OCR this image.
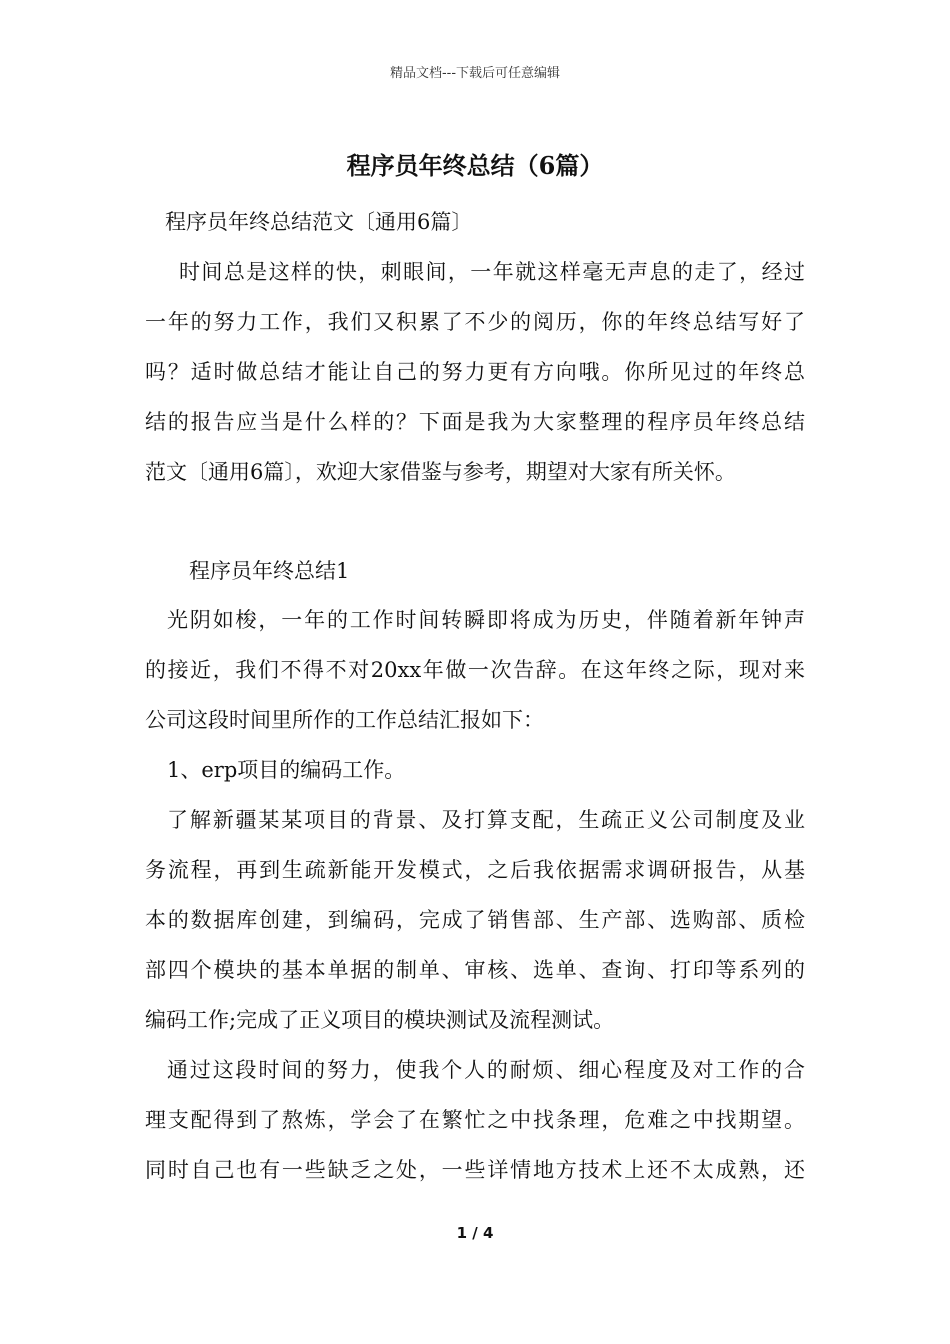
精品文档---下载后可任意编辑
程序员年终总结（6篇）
程序员年终总结范文〔通用6篇〕
时间总是这样的快，刺眼间，一年就这样毫无声息的走了，经过
一年的努力工作，我们又积累了不少的阅历，你的年终总结写好了
吗？适时做总结才能让自己的努力更有方向哦。你所见过的年终总
结的报告应当是什么样的？下面是我为大家整理的程序员年终总结
范文〔通用6篇〕，欢迎大家借鉴与参考，期望对大家有所关怀。
程序员年终总结1
光阴如梭，一年的工作时间转瞬即将成为历史，伴随着新年钟声
的接近，我们不得不对20xx年做一次告辞。在这年终之际，现对来
公司这段时间里所作的工作总结汇报如下：
1、erp项目的编码工作。
了解新疆某某项目的背景、及打算支配，生疏正义公司制度及业
务流程，再到生疏新能开发模式，之后我依据需求调研报告，从基
本的数据库创建，到编码，完成了销售部、生产部、选购部、质检
部四个模块的基本单据的制单、审核、选单、查询、打印等系列的
编码工作;完成了正义项目的模块测试及流程测试。
通过这段时间的努力，使我个人的耐烦、细心程度及对工作的合
理支配得到了熬炼，学会了在繁忙之中找条理，危难之中找期望。
同时自己也有一些缺乏之处，一些详情地方技术上还不太成熟，还
1 / 4
